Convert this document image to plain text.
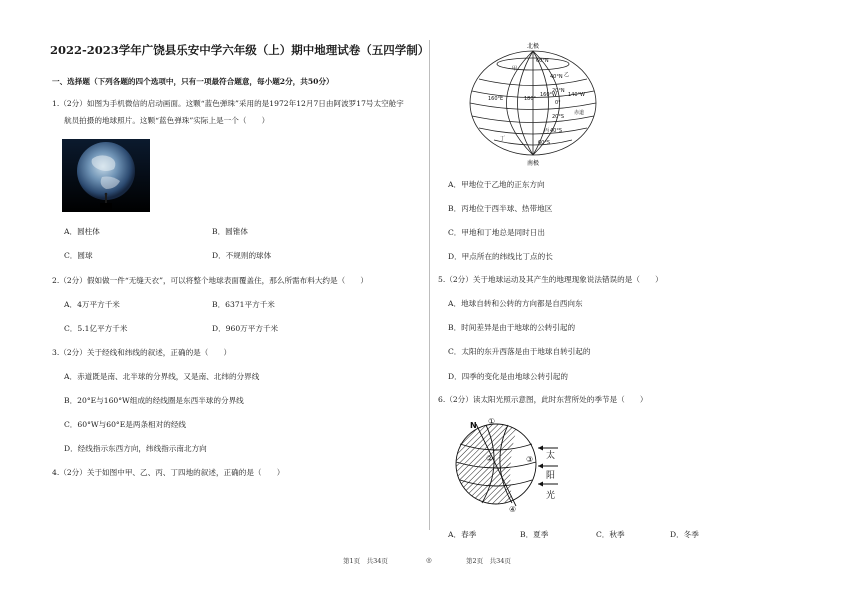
2022-2023学年广饶县乐安中学六年级（上）期中地理试卷（五四学制）
一、选择题（下列各题的四个选项中，只有一项最符合题意，每小题2分，共50分）
1.（2分）如图为手机微信的启动画面。这颗“蓝色弹珠”采用的是1972年12月7日由阿波罗17号太空舱宇
航员拍摄的地球照片。这颗“蓝色弹珠”实际上是一个（　　）
A．圆柱体	B．圆锥体
C．圆球	D．不规则的球体
2.（2分）假如做一件“无缝天衣”，可以将整个地球表面覆盖住，那么所需布料大约是（　　）
A．4万平方千米	B．6371平方千米
C．5.1亿平方千米	D．960万平方千米
3.（2分）关于经线和纬线的叙述，正确的是（　　）
A．赤道既是南、北半球的分界线，又是南、北纬的分界线
B．20°E与160°W组成的经线圈是东西半球的分界线
C．60°W与60°E是两条相对的经线
D．经线指示东西方向，纬线指示南北方向
4.（2分）关于如图中甲、乙、丙、丁四地的叙述，正确的是（　　）
第1页　共34页	◎
北极
南极
甲
乙
丙
丁
60°N
40°N
20°N
0°
20°S
40°S
60°S
160°E	180°
160°W 140°W
赤道
A．甲地位于乙地的正东方向
B．丙地位于西半球、热带地区
C．甲地和丁地总是同时日出
D．甲点所在的纬线比丁点的长
5.（2分）关于地球运动及其产生的地理现象说法错误的是（　　）
A．地球自转和公转的方向都是自西向东
B．时间差异是由于地球的公转引起的
C．太阳的东升西落是由于地球自转引起的
D．四季的变化是由地球公转引起的
6.（2分）读太阳光照示意图，此时东营所处的季节是（　　）
N ①
②	③
④
太
阳
光
A．春季	B．夏季	C．秋季	D．冬季
第2页　共34页
